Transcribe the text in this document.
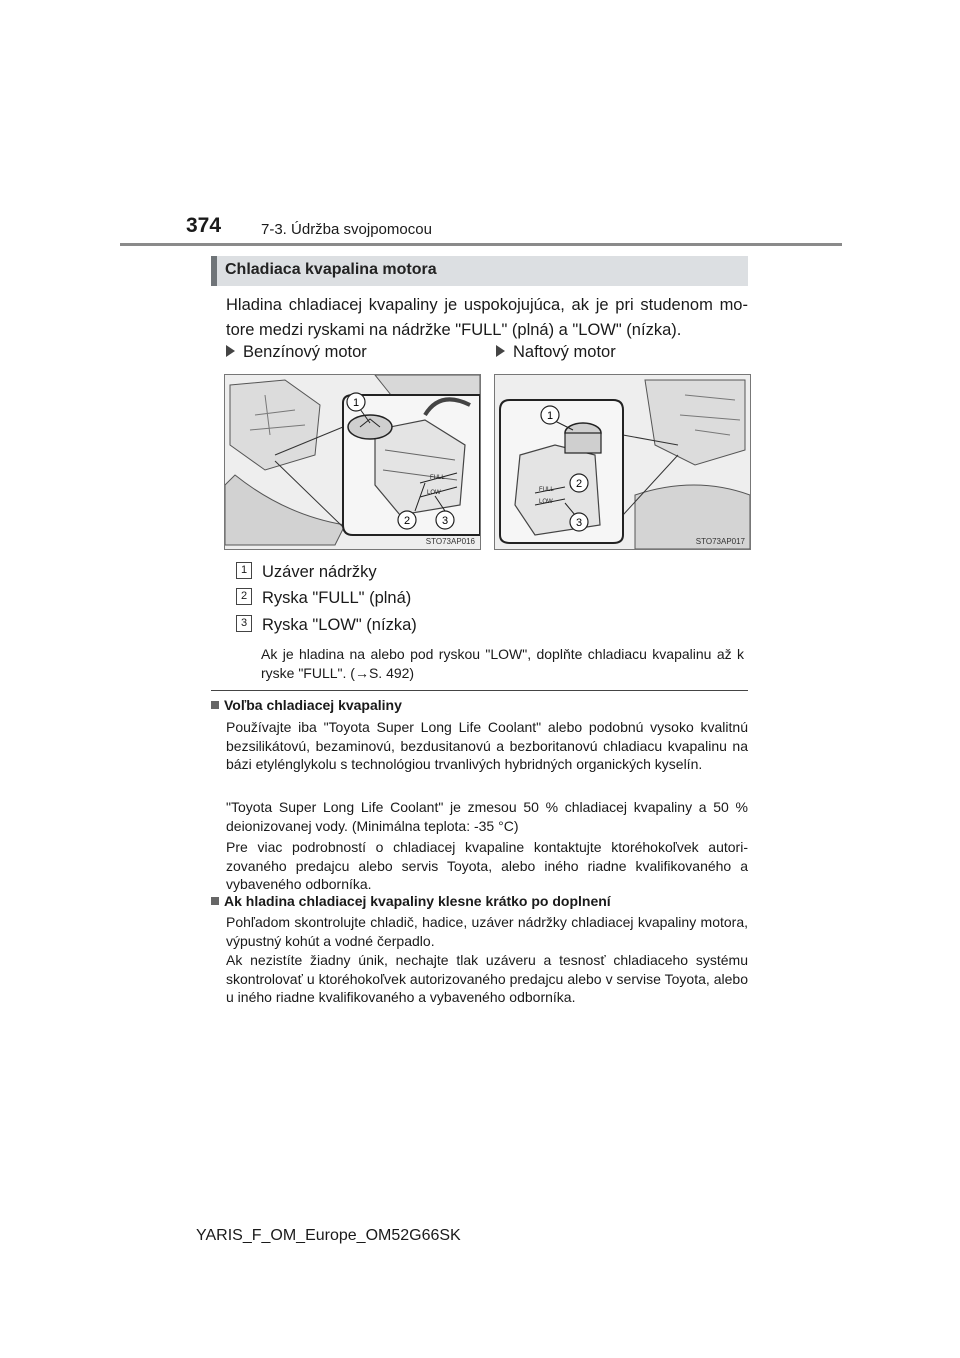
374	7-3. Údržba svojpomocou
Chladiaca kvapalina motora
Hladina chladiacej kvapaliny je uspokojujúca, ak je pri studenom motore medzi ryskami na nádržke "FULL" (plná) a "LOW" (nízka).
Benzínový motor	Naftový motor
FULL
LOW
1
2	3
STO73AP016
FULL
LOW
1
2
3
STO73AP017
1 Uzáver nádržky
2 Ryska "FULL" (plná)
3 Ryska "LOW" (nízka)
Ak je hladina na alebo pod ryskou "LOW", doplňte chladiacu kvapalinu až k ryske "FULL". (→S. 492)
Voľba chladiacej kvapaliny
Používajte iba "Toyota Super Long Life Coolant" alebo podobnú vysoko kvalitnú bezsilikátovú, bezaminovú, bezdusitanovú a bezboritanovú chladiacu kvapalinu na bázi etylénglykolu s technológiou trvanlivých hybridných organických kyselín.
"Toyota Super Long Life Coolant" je zmesou 50 % chladiacej kvapaliny a 50 % deionizovanej vody. (Minimálna teplota: -35 °C)
Pre viac podrobností o chladiacej kvapaline kontaktujte ktoréhokoľvek autorizovaného predajcu alebo servis Toyota, alebo iného riadne kvalifikovaného a vybaveného odborníka.
Ak hladina chladiacej kvapaliny klesne krátko po doplnení
Pohľadom skontrolujte chladič, hadice, uzáver nádržky chladiacej kvapaliny motora, výpustný kohút a vodné čerpadlo.
Ak nezistíte žiadny únik, nechajte tlak uzáveru a tesnosť chladiaceho systému skontrolovať u ktoréhokoľvek autorizovaného predajcu alebo v servise Toyota, alebo u iného riadne kvalifikovaného a vybaveného odborníka.
YARIS_F_OM_Europe_OM52G66SK
